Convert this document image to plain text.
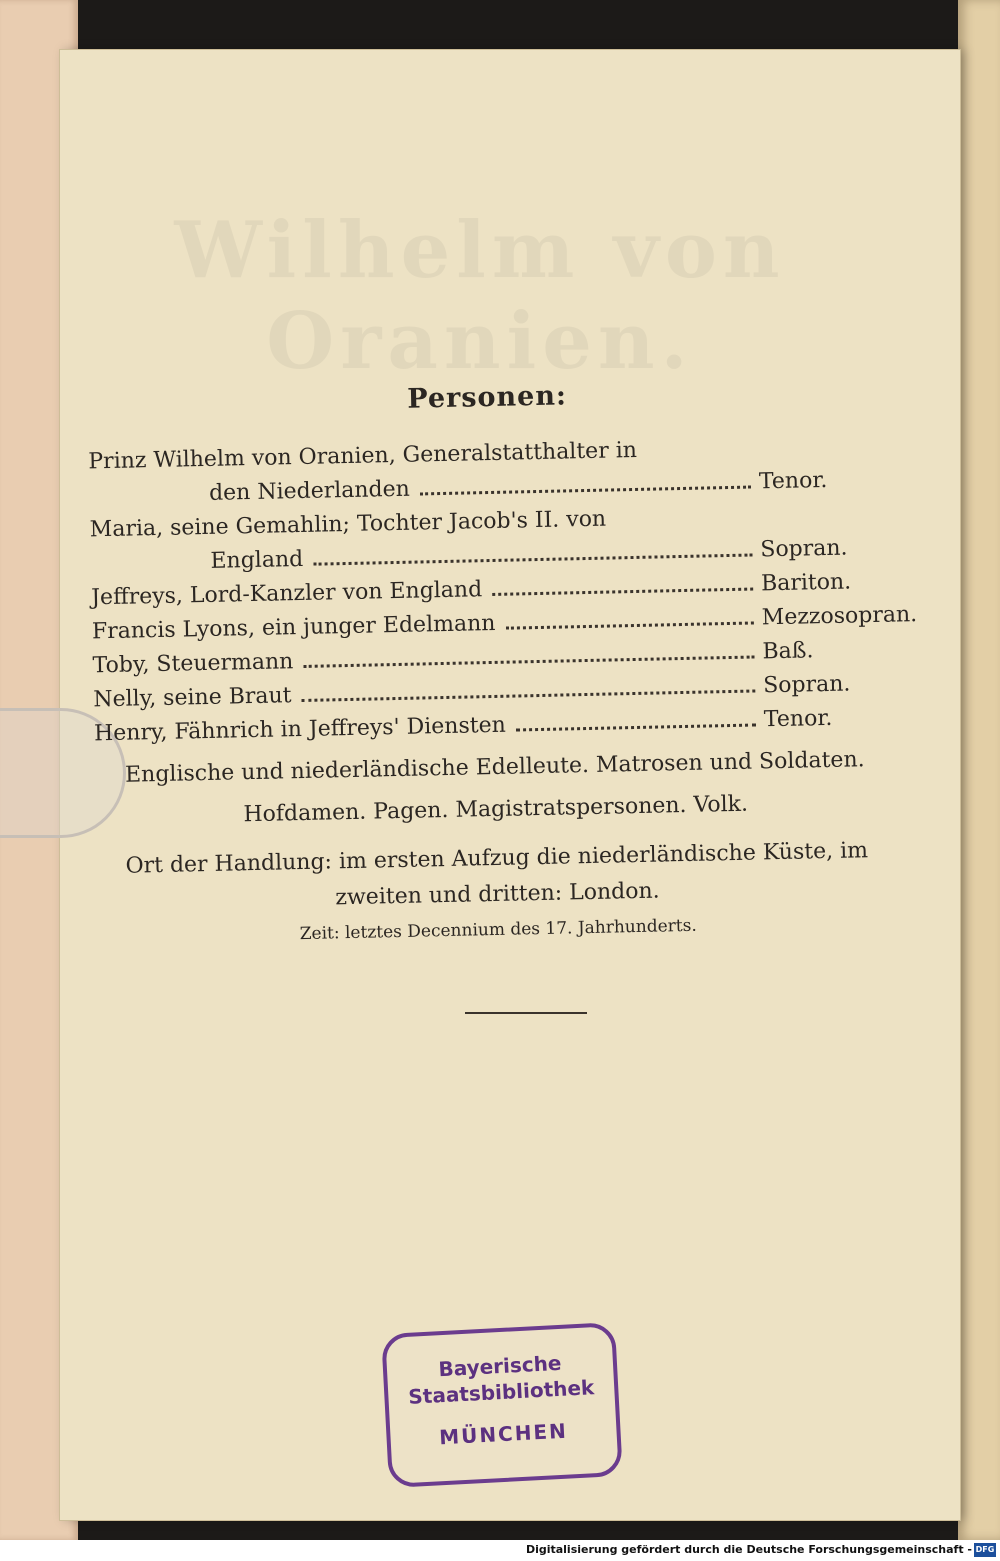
Wilhelm von Oranien.
Personen:
Prinz Wilhelm von Oranien, Generalstatthalter in
den Niederlanden	Tenor.
Maria, seine Gemahlin; Tochter Jacob's II. von
England	Sopran.
Jeffreys, Lord-Kanzler von England	Bariton.
Francis Lyons, ein junger Edelmann	Mezzosopran.
Toby, Steuermann	Baß.
Nelly, seine Braut	Sopran.
Henry, Fähnrich in Jeffreys' Diensten	Tenor.
Englische und niederländische Edelleute. Matrosen und Soldaten.
Hofdamen. Pagen. Magistratspersonen. Volk.
Ort der Handlung: im ersten Aufzug die niederländische Küste, im
zweiten und dritten: London.
Zeit: letztes Decennium des 17. Jahrhunderts.
Bayerische
Staatsbibliothek
MÜNCHEN
Digitalisierung gefördert durch die Deutsche Forschungsgemeinschaft - DFG
